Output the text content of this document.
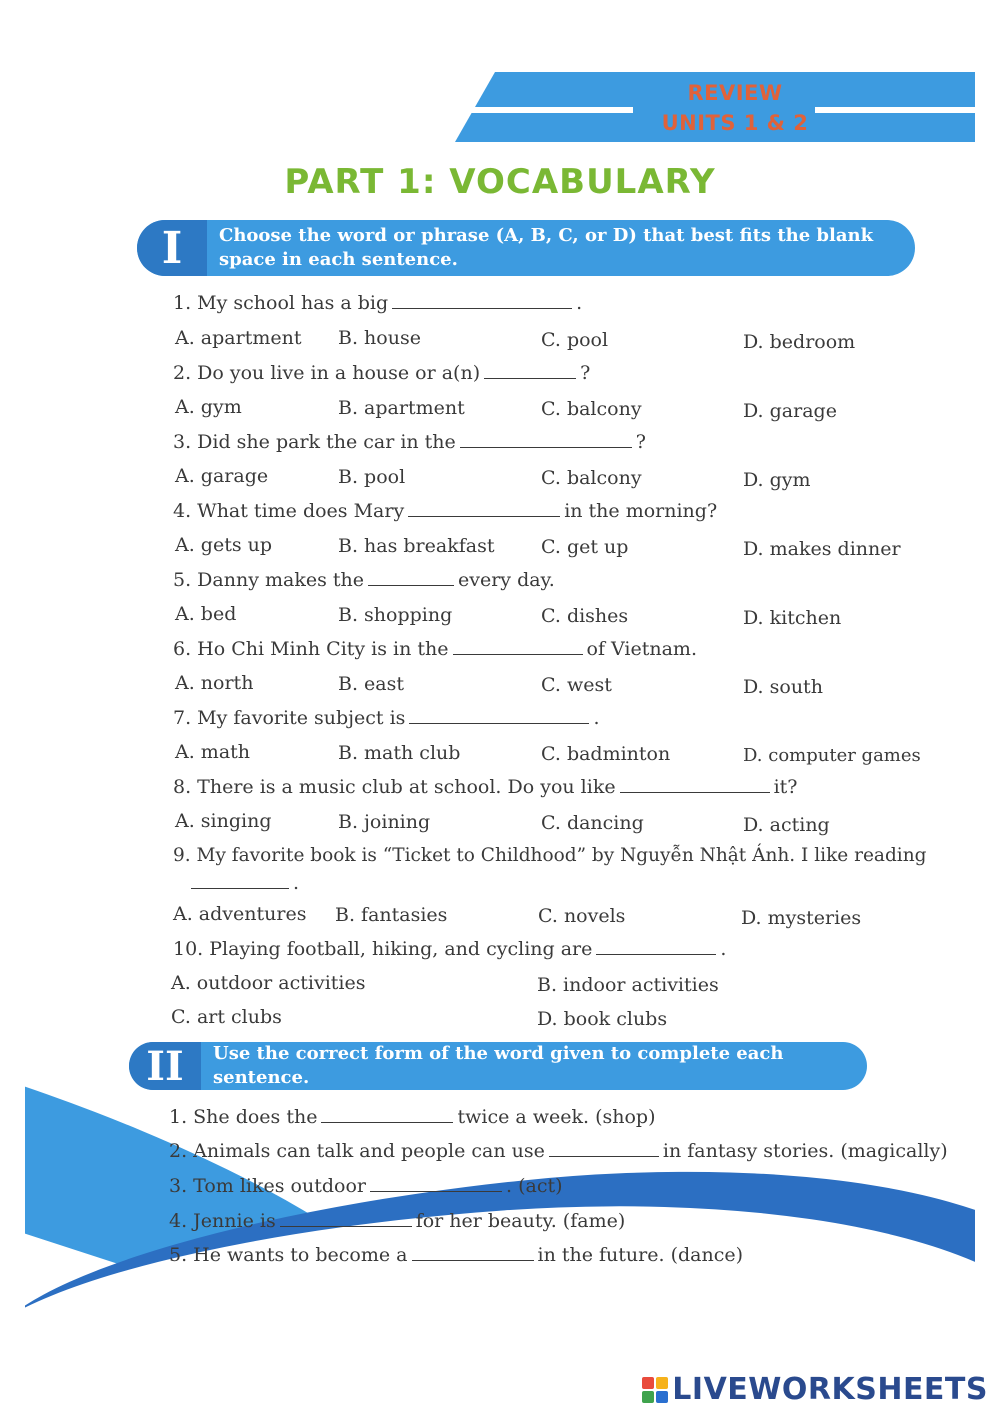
REVIEW
UNITS 1 & 2
PART 1: VOCABULARY
I	Choose the word or phrase (A, B, C, or D) that best fits the blank space in each sentence.
1. My school has a big	.
A. apartment B. house	C. pool	D. bedroom
2. Do you live in a house or a(n)	?
A. gym	B. apartment	C. balcony	D. garage
3. Did she park the car in the	?
A. garage	B. pool	C. balcony	D. gym
4. What time does Mary	in the morning?
A. gets up	B. has breakfast C. get up	D. makes dinner
5. Danny makes the	every day.
A. bed	B. shopping	C. dishes	D. kitchen
6. Ho Chi Minh City is in the	of Vietnam.
A. north	B. east	C. west	D. south
7. My favorite subject is	.
A. math	B. math club	C. badminton	D. computer games
8. There is a music club at school. Do you like	it?
A. singing	B. joining	C. dancing	D. acting
9. My favorite book is “Ticket to Childhood” by Nguyễn Nhật Ánh. I like reading
.
A. adventures B. fantasies	C. novels	D. mysteries
10. Playing football, hiking, and cycling are	.
A. outdoor activities	B. indoor activities
C. art clubs	D. book clubs
II	Use the correct form of the word given to complete each sentence.
1. She does the	twice a week. (shop)
2. Animals can talk and people can use	in fantasy stories. (magically)
3. Tom likes outdoor	. (act)
4. Jennie is	for her beauty. (fame)
5. He wants to become a	in the future. (dance)
B
LIVEWORKSHEETS
